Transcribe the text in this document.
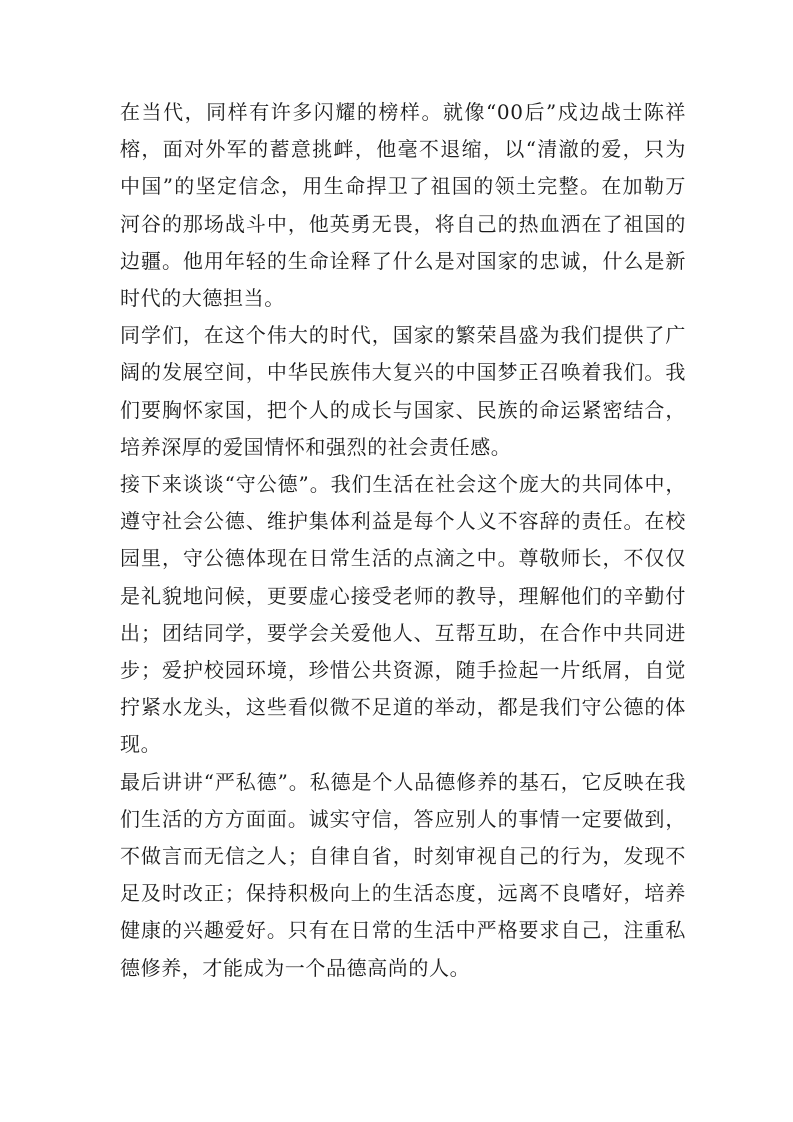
在当代，同样有许多闪耀的榜样。就像“00后”戍边战士陈祥榕，面对外军的蓄意挑衅，他毫不退缩，以“清澈的爱，只为中国”的坚定信念，用生命捍卫了祖国的领土完整。在加勒万河谷的那场战斗中，他英勇无畏，将自己的热血洒在了祖国的边疆。他用年轻的生命诠释了什么是对国家的忠诚，什么是新时代的大德担当。

同学们，在这个伟大的时代，国家的繁荣昌盛为我们提供了广阔的发展空间，中华民族伟大复兴的中国梦正召唤着我们。我们要胸怀家国，把个人的成长与国家、民族的命运紧密结合，培养深厚的爱国情怀和强烈的社会责任感。

接下来谈谈“守公德”。我们生活在社会这个庞大的共同体中，遵守社会公德、维护集体利益是每个人义不容辞的责任。在校园里，守公德体现在日常生活的点滴之中。尊敬师长，不仅仅是礼貌地问候，更要虚心接受老师的教导，理解他们的辛勤付出；团结同学，要学会关爱他人、互帮互助，在合作中共同进步；爱护校园环境，珍惜公共资源，随手捡起一片纸屑，自觉拧紧水龙头，这些看似微不足道的举动，都是我们守公德的体现。

最后讲讲“严私德”。私德是个人品德修养的基石，它反映在我们生活的方方面面。诚实守信，答应别人的事情一定要做到，不做言而无信之人；自律自省，时刻审视自己的行为，发现不足及时改正；保持积极向上的生活态度，远离不良嗜好，培养健康的兴趣爱好。只有在日常的生活中严格要求自己，注重私德修养，才能成为一个品德高尚的人。
